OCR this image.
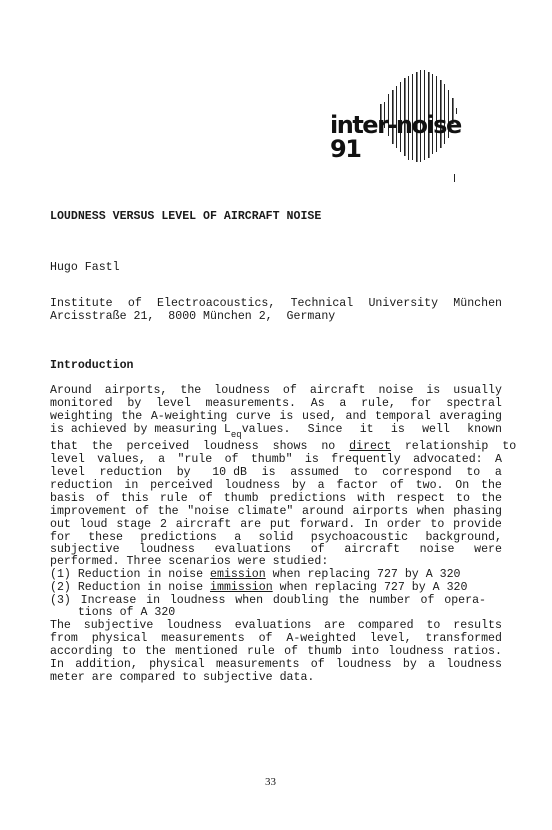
inter-noise 91
LOUDNESS VERSUS LEVEL OF AIRCRAFT NOISE
Hugo Fastl
Institute of Electroacoustics, Technical University München
Arcisstraße 21,  8000 München 2,  Germany
Introduction
Around airports, the loudness of aircraft noise is usually
monitored by level measurements. As a rule, for spectral
weighting the A-weighting curve is used, and temporal averaging
is achieved by measuring $L_{eq}$ values. Since it is well known
that  the  perceived  loudness  shows  no  direct  relationship  to
level values, a "rule of thumb" is frequently advocated: A
level reduction by 10 dB is assumed to correspond to a
reduction in perceived loudness by a factor of two. On the
basis of this rule of thumb predictions with respect to the
improvement of the "noise climate" around airports when phasing
out loud stage 2 aircraft are put forward. In order to provide
for these predictions a solid psychoacoustic background,
subjective loudness evaluations of aircraft noise were
performed. Three scenarios were studied:
(1) Reduction in noise emission when replacing 727 by A 320
(2) Reduction in noise immission when replacing 727 by A 320
(3) Increase in loudness when doubling the number of opera-
tions of A 320
The subjective loudness evaluations are compared to results
from physical measurements of A-weighted level, transformed
according to the mentioned rule of thumb into loudness ratios.
In addition, physical measurements of loudness by a loudness
meter are compared to subjective data.
33
